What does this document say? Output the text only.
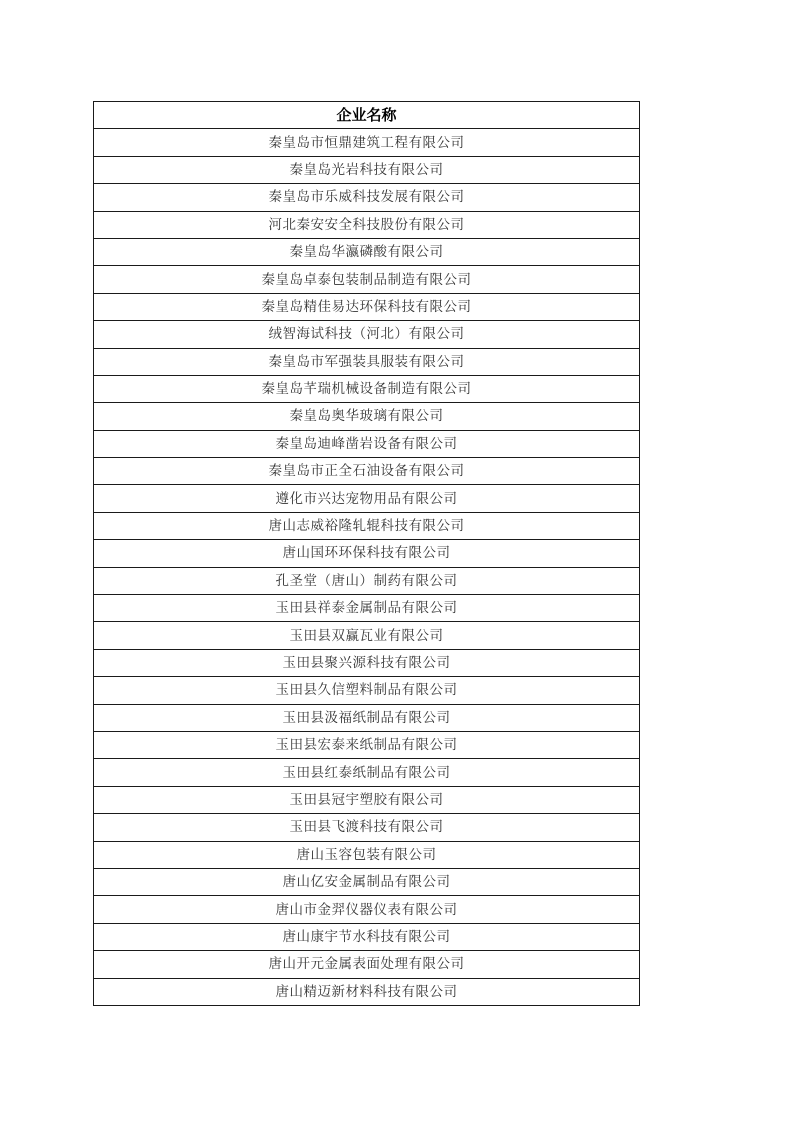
企业名称
秦皇岛市恒鼎建筑工程有限公司
秦皇岛光岩科技有限公司
秦皇岛市乐威科技发展有限公司
河北秦安安全科技股份有限公司
秦皇岛华瀛磷酸有限公司
秦皇岛卓泰包装制品制造有限公司
秦皇岛精佳易达环保科技有限公司
绒智海试科技（河北）有限公司
秦皇岛市军强装具服装有限公司
秦皇岛芊瑞机械设备制造有限公司
秦皇岛奥华玻璃有限公司
秦皇岛迪峰凿岩设备有限公司
秦皇岛市正全石油设备有限公司
遵化市兴达宠物用品有限公司
唐山志威裕隆轧辊科技有限公司
唐山国环环保科技有限公司
孔圣堂（唐山）制药有限公司
玉田县祥泰金属制品有限公司
玉田县双赢瓦业有限公司
玉田县聚兴源科技有限公司
玉田县久信塑料制品有限公司
玉田县汲福纸制品有限公司
玉田县宏泰来纸制品有限公司
玉田县红泰纸制品有限公司
玉田县冠宇塑胶有限公司
玉田县飞渡科技有限公司
唐山玉容包装有限公司
唐山亿安金属制品有限公司
唐山市金羿仪器仪表有限公司
唐山康宇节水科技有限公司
唐山开元金属表面处理有限公司
唐山精迈新材料科技有限公司
